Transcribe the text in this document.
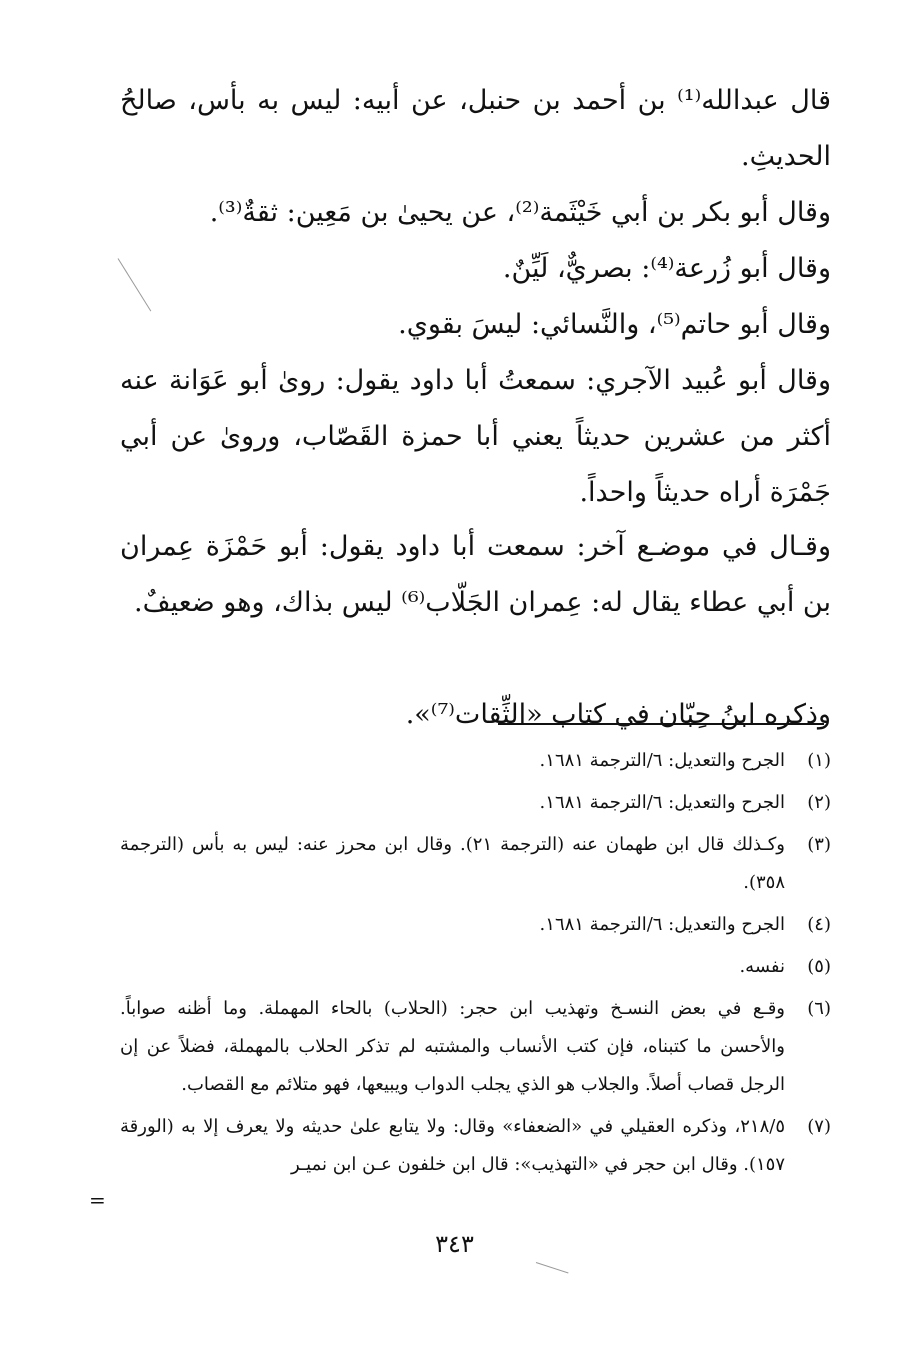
قال عبدالله⁽¹⁾ بن أحمد بن حنبل، عن أبيه: ليس به بأس، صالحُ الحديثِ.

وقال أبو بكر بن أبي خَيْثَمة⁽²⁾، عن يحيىٰ بن مَعِين: ثقةٌ⁽³⁾.

وقال أبو زُرعة⁽⁴⁾: بصريٌّ، لَيِّنٌ.

وقال أبو حاتم⁽⁵⁾، والنَّسائي: ليسَ بقوي.

وقال أبو عُبيد الآجري: سمعتُ أبا داود يقول: روىٰ أبو عَوَانة عنه أكثر من عشرين حديثاً يعني أبا حمزة القَصّاب، وروىٰ عن أبي جَمْرَة أراه حديثاً واحداً.

وقـال في موضـع آخر: سمعت أبا داود يقول: أبو حَمْزَة عِمران بن أبي عطاء يقال له: عِمران الجَلّاب⁽⁶⁾ ليس بذاك، وهو ضعيفٌ.

وذكره ابنُ حِبّان في كتاب «الثِّقات⁽⁷⁾».

(١)
الجرح والتعديل: ٦/الترجمة ١٦٨١.
(٢)
الجرح والتعديل: ٦/الترجمة ١٦٨١.
(٣)
وكـذلك قال ابن طهمان عنه (الترجمة ٢١). وقال ابن محرز عنه: ليس به بأس (الترجمة ٣٥٨).
(٤)
الجرح والتعديل: ٦/الترجمة ١٦٨١.
(٥)
نفسه.
(٦)
وقـع في بعض النسـخ وتهذيب ابن حجر: (الحلاب) بالحاء المهملة. وما أظنه صواباً. والأحسن ما كتبناه، فإن كتب الأنساب والمشتبه لم تذكر الحلاب بالمهملة، فضلاً عن إن الرجل قصاب أصلاً. والجلاب هو الذي يجلب الدواب ويبيعها، فهو متلائم مع القصاب.
(٧)
٢١٨/٥، وذكره العقيلي في «الضعفاء» وقال: ولا يتابع علىٰ حديثه ولا يعرف إلا به (الورقة ١٥٧). وقال ابن حجر في «التهذيب»: قال ابن خلفون عـن ابن نميـر
=
٣٤٣
